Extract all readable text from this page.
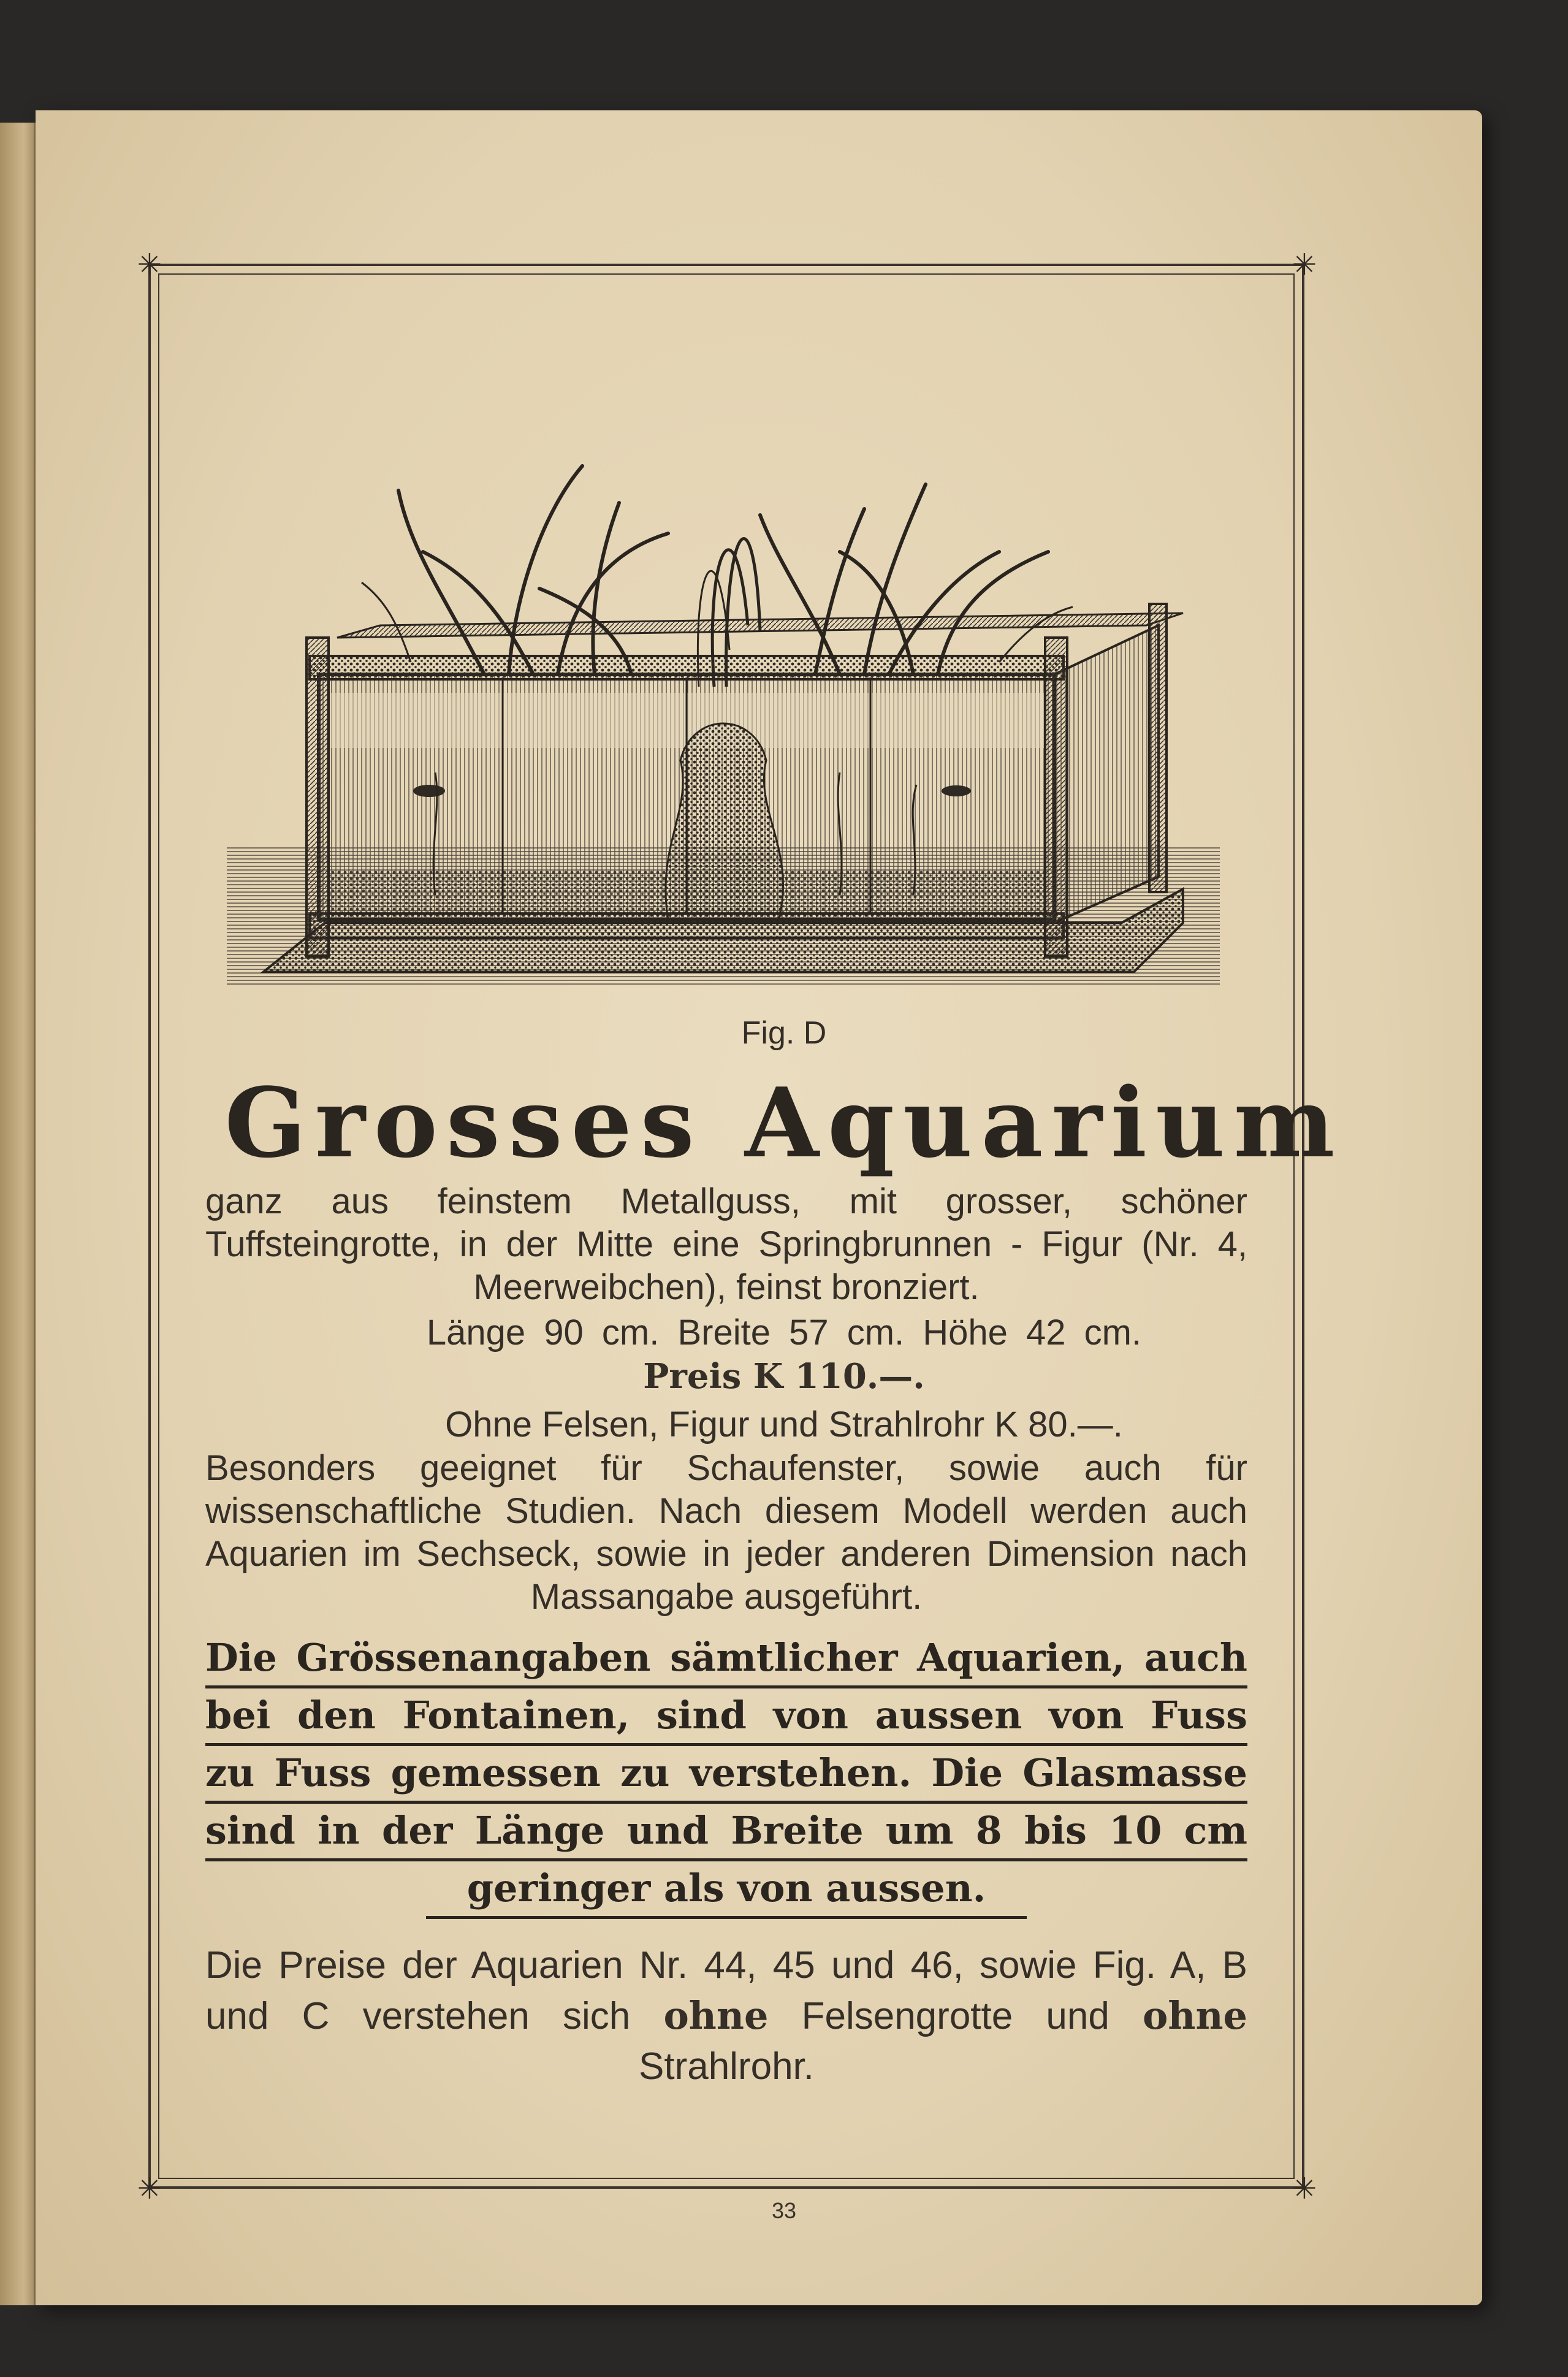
✳	✳
✳	✳
Fig. D
Grosses Aquarium
ganz aus feinstem Metallguss, mit grosser, schöner Tuffsteingrotte, in der Mitte eine Springbrunnen - Figur (Nr. 4, Meerweibchen), feinst bronziert.
Länge 90 cm. Breite 57 cm. Höhe 42 cm.
Preis K 110.—.
Ohne Felsen, Figur und Strahlrohr K 80.—.
Besonders geeignet für Schaufenster, sowie auch für wissenschaftliche Studien. Nach diesem Modell werden auch Aquarien im Sechseck, sowie in jeder anderen Dimension nach Massangabe ausgeführt.
Die Grössenangaben sämtlicher Aquarien, auch
bei den Fontainen, sind von aussen von Fuss
zu Fuss gemessen zu verstehen. Die Glasmasse
sind in der Länge und Breite um 8 bis 10 cm
geringer als von aussen.
Die Preise der Aquarien Nr. 44, 45 und 46, sowie Fig. A, B und C verstehen sich ohne Felsengrotte und ohne Strahlrohr.
33
